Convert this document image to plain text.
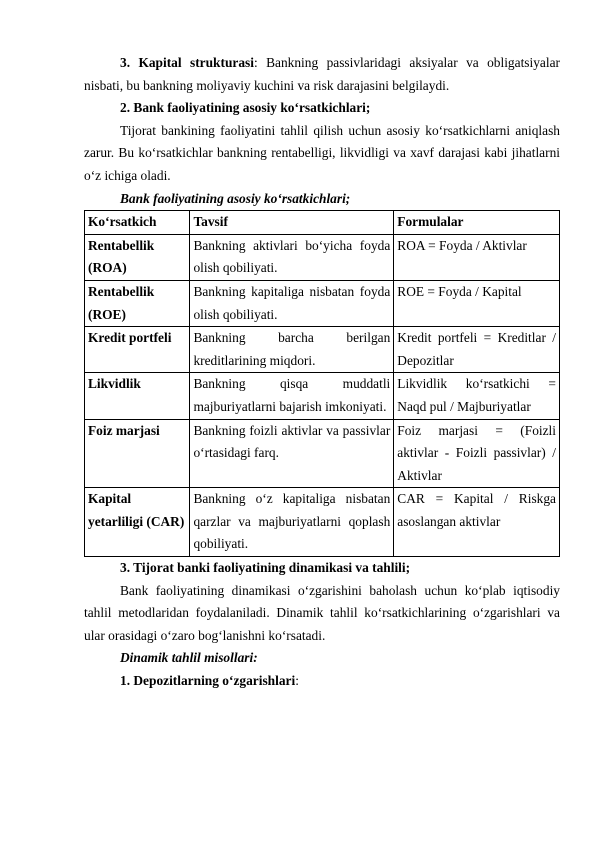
3. Kapital strukturasi: Bankning passivlaridagi aksiyalar va obligatsiyalar nisbati, bu bankning moliyaviy kuchini va risk darajasini belgilaydi.

2. Bank faoliyatining asosiy ko‘rsatkichlari;

Tijorat bankining faoliyatini tahlil qilish uchun asosiy ko‘rsatkichlarni aniqlash zarur. Bu ko‘rsatkichlar bankning rentabelligi, likvidligi va xavf darajasi kabi jihatlarni o‘z ichiga oladi.

Bank faoliyatining asosiy ko‘rsatkichlari;

Ko‘rsatkich	Tavsif	Formulalar
Rentabellik (ROA)	Bankning aktivlari bo‘yicha foyda olish qobiliyati.	ROA = Foyda / Aktivlar
Rentabellik (ROE)	Bankning kapitaliga nisbatan foyda olish qobiliyati.	ROE = Foyda / Kapital
Kredit portfeli	Bankning barcha berilgan kreditlarining miqdori.	Kredit portfeli = Kreditlar / Depozitlar
Likvidlik	Bankning qisqa muddatli majburiyatlarni bajarish imkoniyati.	Likvidlik ko‘rsatkichi = Naqd pul / Majburiyatlar
Foiz marjasi	Bankning foizli aktivlar va passivlar o‘rtasidagi farq.	Foiz marjasi = (Foizli aktivlar - Foizli passivlar) / Aktivlar
Kapital yetarliligi (CAR)	Bankning o‘z kapitaliga nisbatan qarzlar va majburiyatlarni qoplash qobiliyati.	CAR = Kapital / Riskga asoslangan aktivlar

3. Tijorat banki faoliyatining dinamikasi va tahlili;

Bank faoliyatining dinamikasi o‘zgarishini baholash uchun ko‘plab iqtisodiy tahlil metodlaridan foydalaniladi. Dinamik tahlil ko‘rsatkichlarining o‘zgarishlari va ular orasidagi o‘zaro bog‘lanishni ko‘rsatadi.

Dinamik tahlil misollari:

1. Depozitlarning o‘zgarishlari:
